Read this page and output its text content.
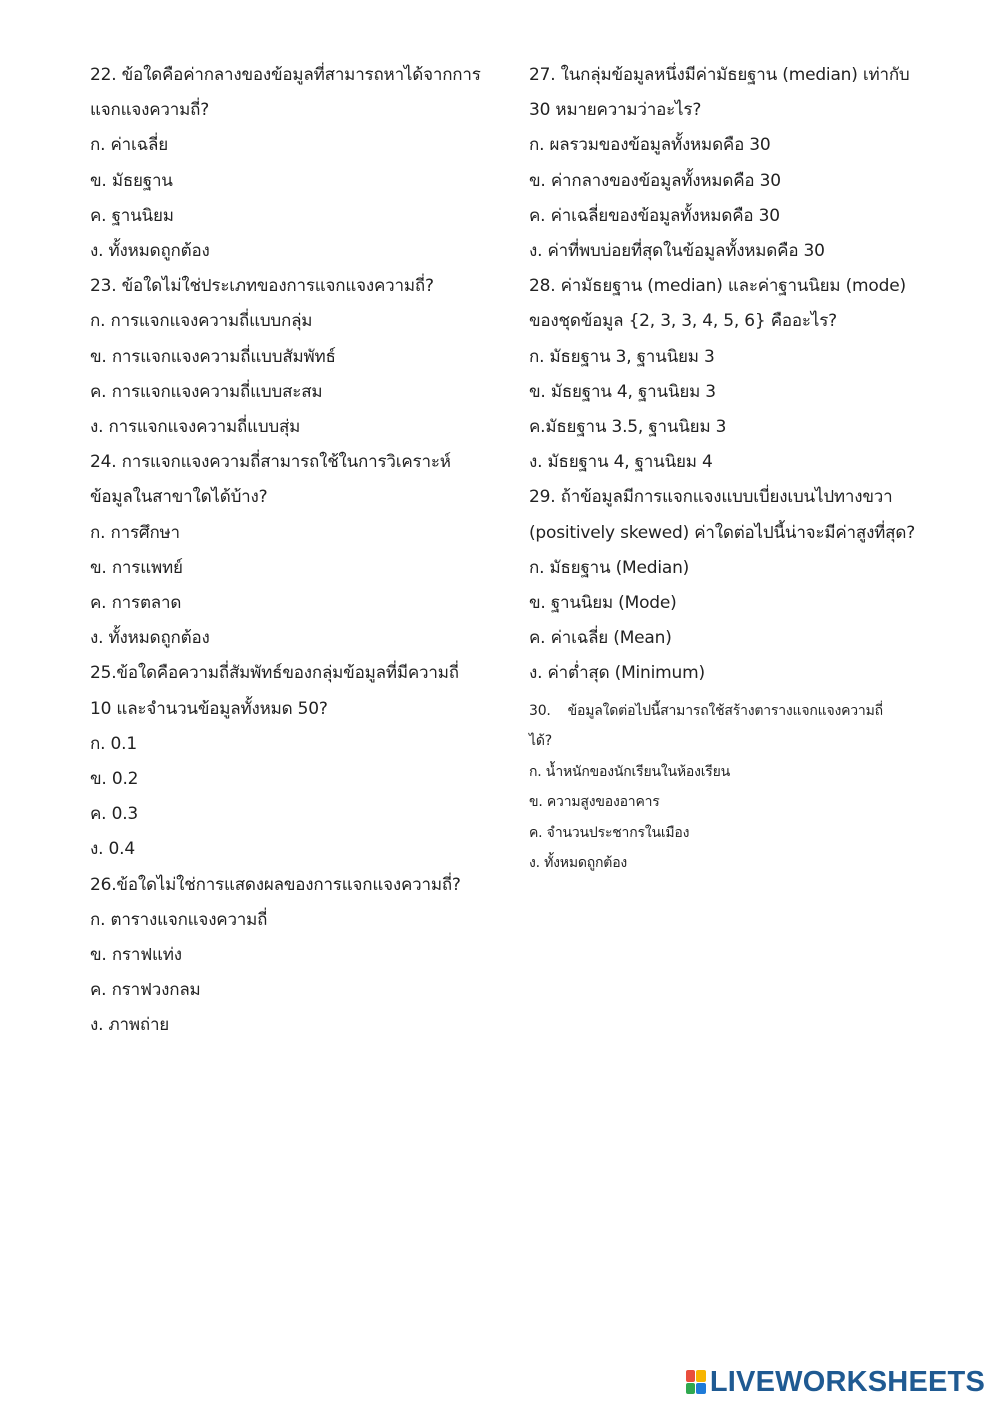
22. ข้อใดคือค่ากลางของข้อมูลที่สามารถหาได้จากการ
แจกแจงความถี่?
ก. ค่าเฉลี่ย
ข. มัธยฐาน
ค. ฐานนิยม
ง. ทั้งหมดถูกต้อง
23. ข้อใดไม่ใช่ประเภทของการแจกแจงความถี่?
ก. การแจกแจงความถี่แบบกลุ่ม
ข. การแจกแจงความถี่แบบสัมพัทธ์
ค. การแจกแจงความถี่แบบสะสม
ง. การแจกแจงความถี่แบบสุ่ม
24. การแจกแจงความถี่สามารถใช้ในการวิเคราะห์
ข้อมูลในสาขาใดได้บ้าง?
ก. การศึกษา
ข. การแพทย์
ค. การตลาด
ง. ทั้งหมดถูกต้อง
25.ข้อใดคือความถี่สัมพัทธ์ของกลุ่มข้อมูลที่มีความถี่
10 และจำนวนข้อมูลทั้งหมด 50?
ก. 0.1
ข. 0.2
ค. 0.3
ง. 0.4
26.ข้อใดไม่ใช่การแสดงผลของการแจกแจงความถี่?
ก. ตารางแจกแจงความถี่
ข. กราฟแท่ง
ค. กราฟวงกลม
ง. ภาพถ่าย
27. ในกลุ่มข้อมูลหนึ่งมีค่ามัธยฐาน (median) เท่ากับ
30 หมายความว่าอะไร?
ก. ผลรวมของข้อมูลทั้งหมดคือ 30
ข. ค่ากลางของข้อมูลทั้งหมดคือ 30
ค. ค่าเฉลี่ยของข้อมูลทั้งหมดคือ 30
ง. ค่าที่พบบ่อยที่สุดในข้อมูลทั้งหมดคือ 30
28. ค่ามัธยฐาน (median) และค่าฐานนิยม (mode)
ของชุดข้อมูล {2, 3, 3, 4, 5, 6} คืออะไร?
ก. มัธยฐาน 3, ฐานนิยม 3
ข. มัธยฐาน 4, ฐานนิยม 3
ค.มัธยฐาน 3.5, ฐานนิยม 3
ง. มัธยฐาน 4, ฐานนิยม 4
29. ถ้าข้อมูลมีการแจกแจงแบบเบี่ยงเบนไปทางขวา
(positively skewed) ค่าใดต่อไปนี้น่าจะมีค่าสูงที่สุด?
ก. มัธยฐาน (Median)
ข. ฐานนิยม (Mode)
ค. ค่าเฉลี่ย (Mean)
ง. ค่าต่ำสุด (Minimum)
30.    ข้อมูลใดต่อไปนี้สามารถใช้สร้างตารางแจกแจงความถี่
ได้?
ก. น้ำหนักของนักเรียนในห้องเรียน
ข. ความสูงของอาคาร
ค. จำนวนประชากรในเมือง
ง. ทั้งหมดถูกต้อง
LIVEWORKSHEETS
